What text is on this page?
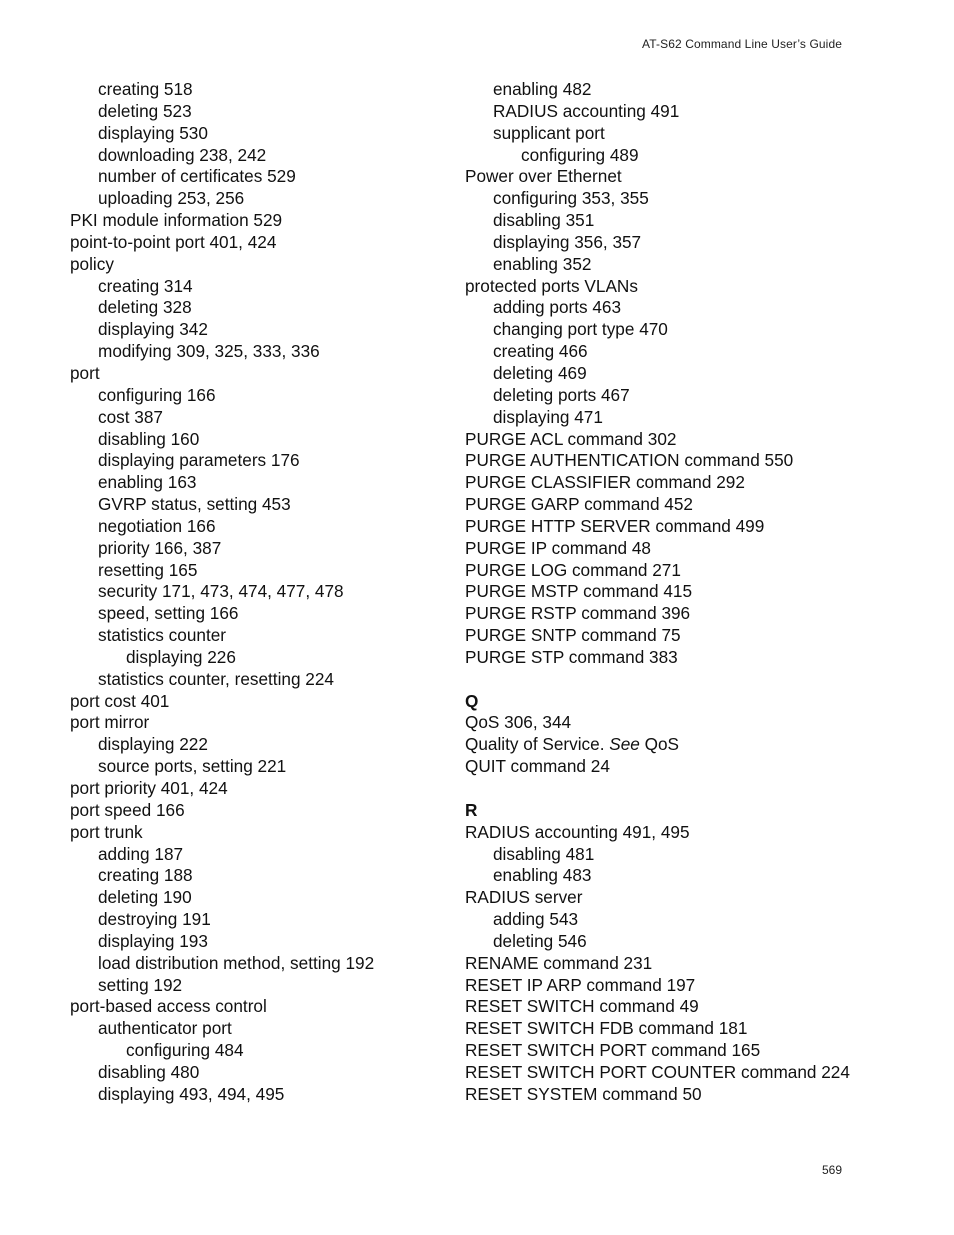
AT-S62 Command Line User’s Guide
creating 518
deleting 523
displaying 530
downloading 238, 242
number of certificates 529
uploading 253, 256
PKI module information 529
point-to-point port 401, 424
policy
creating 314
deleting 328
displaying 342
modifying 309, 325, 333, 336
port
configuring 166
cost 387
disabling 160
displaying parameters 176
enabling 163
GVRP status, setting 453
negotiation 166
priority 166, 387
resetting 165
security 171, 473, 474, 477, 478
speed, setting 166
statistics counter
displaying 226
statistics counter, resetting 224
port cost 401
port mirror
displaying 222
source ports, setting 221
port priority 401, 424
port speed 166
port trunk
adding 187
creating 188
deleting 190
destroying 191
displaying 193
load distribution method, setting 192
setting 192
port-based access control
authenticator port
configuring 484
disabling 480
displaying 493, 494, 495
enabling 482
RADIUS accounting 491
supplicant port
configuring 489
Power over Ethernet
configuring 353, 355
disabling 351
displaying 356, 357
enabling 352
protected ports VLANs
adding ports 463
changing port type 470
creating 466
deleting 469
deleting ports 467
displaying 471
PURGE ACL command 302
PURGE AUTHENTICATION command 550
PURGE CLASSIFIER command 292
PURGE GARP command 452
PURGE HTTP SERVER command 499
PURGE IP command 48
PURGE LOG command 271
PURGE MSTP command 415
PURGE RSTP command 396
PURGE SNTP command 75
PURGE STP command 383
Q
QoS 306, 344
Quality of Service. See QoS
QUIT command 24
R
RADIUS accounting 491, 495
disabling 481
enabling 483
RADIUS server
adding 543
deleting 546
RENAME command 231
RESET IP ARP command 197
RESET SWITCH command 49
RESET SWITCH FDB command 181
RESET SWITCH PORT command 165
RESET SWITCH PORT COUNTER command 224
RESET SYSTEM command 50
569
